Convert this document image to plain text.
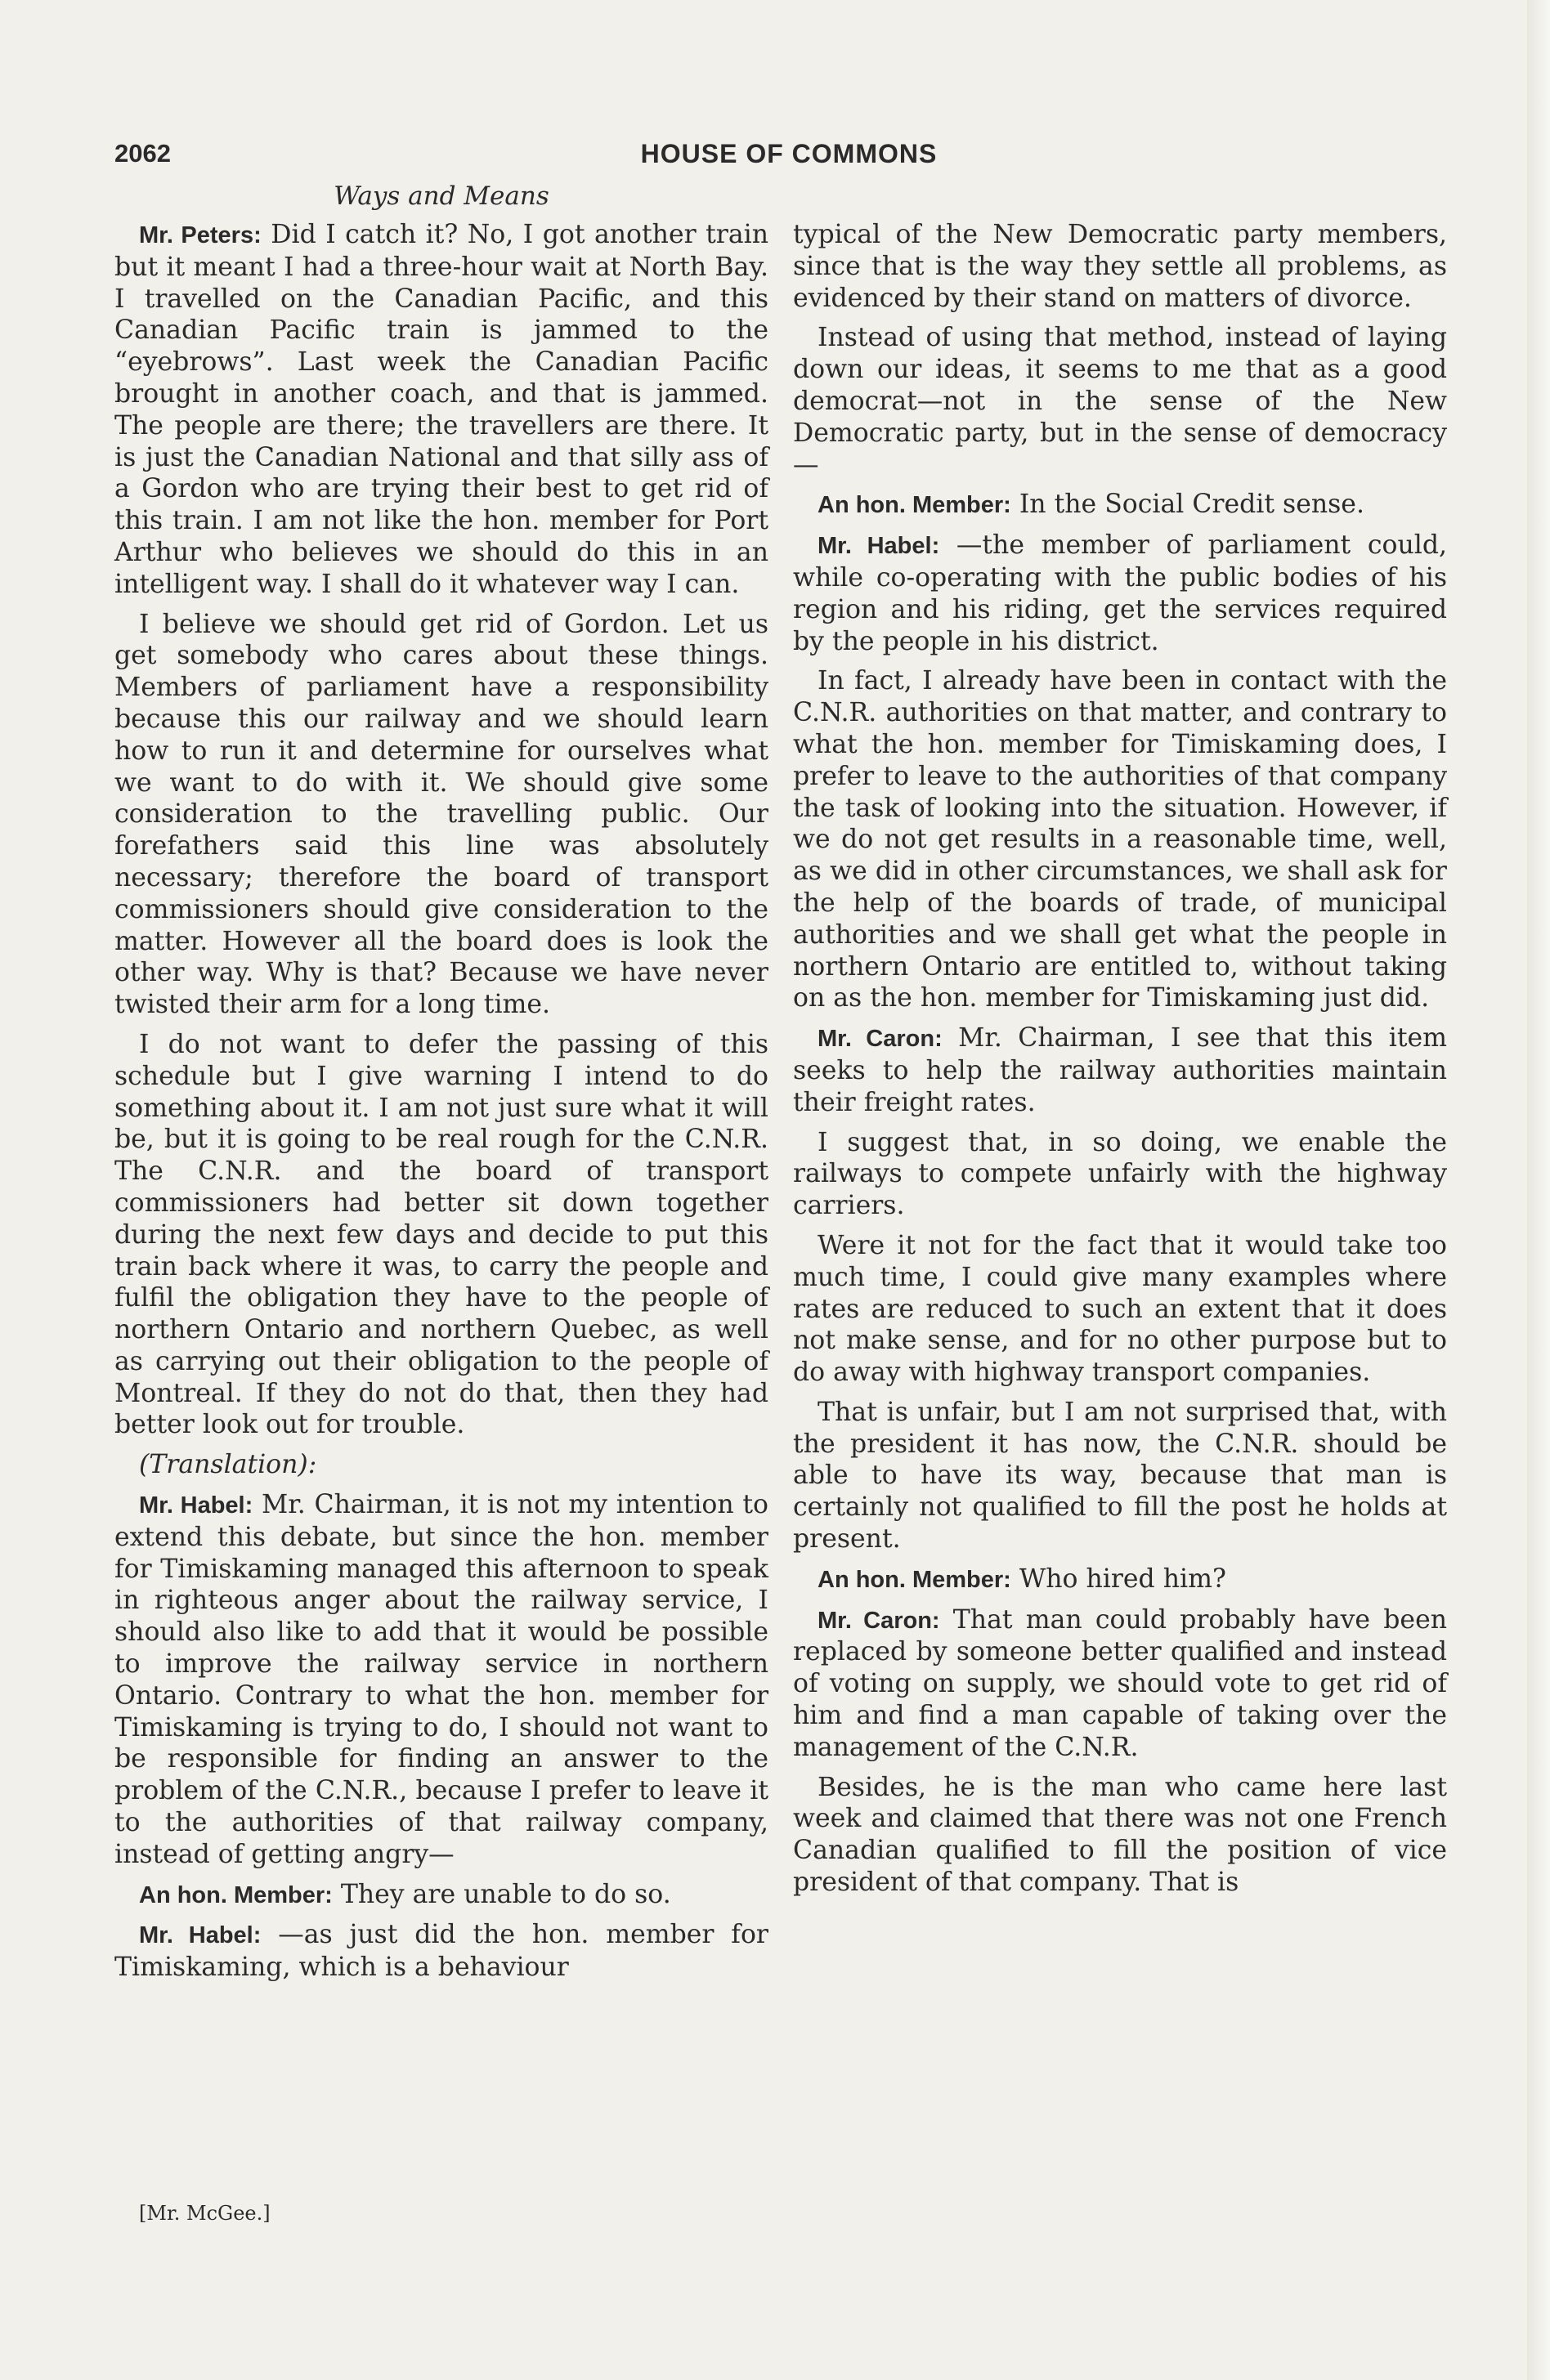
2062	HOUSE OF COMMONS
Ways and Means

Mr. Peters: Did I catch it? No, I got another train but it meant I had a three-hour wait at North Bay. I travelled on the Canadian Pacific, and this Canadian Pacific train is jammed to the “eyebrows”. Last week the Canadian Pacific brought in another coach, and that is jammed. The people are there; the travellers are there. It is just the Canadian National and that silly ass of a Gordon who are trying their best to get rid of this train. I am not like the hon. member for Port Arthur who believes we should do this in an intelligent way. I shall do it whatever way I can.

I believe we should get rid of Gordon. Let us get somebody who cares about these things. Members of parliament have a responsibility because this our railway and we should learn how to run it and determine for ourselves what we want to do with it. We should give some consideration to the travelling public. Our forefathers said this line was absolutely necessary; therefore the board of transport commissioners should give consideration to the matter. However all the board does is look the other way. Why is that? Because we have never twisted their arm for a long time.

I do not want to defer the passing of this schedule but I give warning I intend to do something about it. I am not just sure what it will be, but it is going to be real rough for the C.N.R. The C.N.R. and the board of transport commissioners had better sit down together during the next few days and decide to put this train back where it was, to carry the people and fulfil the obligation they have to the people of northern Ontario and northern Quebec, as well as carrying out their obligation to the people of Montreal. If they do not do that, then they had better look out for trouble.

(Translation):

Mr. Habel: Mr. Chairman, it is not my intention to extend this debate, but since the hon. member for Timiskaming managed this afternoon to speak in righteous anger about the railway service, I should also like to add that it would be possible to improve the railway service in northern Ontario. Contrary to what the hon. member for Timiskaming is trying to do, I should not want to be responsible for finding an answer to the problem of the C.N.R., because I prefer to leave it to the authorities of that railway company, instead of getting angry—

An hon. Member: They are unable to do so.

Mr. Habel: —as just did the hon. member for Timiskaming, which is a behaviour

typical of the New Democratic party members, since that is the way they settle all problems, as evidenced by their stand on matters of divorce.

Instead of using that method, instead of laying down our ideas, it seems to me that as a good democrat—not in the sense of the New Democratic party, but in the sense of democracy—

An hon. Member: In the Social Credit sense.

Mr. Habel: —the member of parliament could, while co-operating with the public bodies of his region and his riding, get the services required by the people in his district.

In fact, I already have been in contact with the C.N.R. authorities on that matter, and contrary to what the hon. member for Timiskaming does, I prefer to leave to the authorities of that company the task of looking into the situation. However, if we do not get results in a reasonable time, well, as we did in other circumstances, we shall ask for the help of the boards of trade, of municipal authorities and we shall get what the people in northern Ontario are entitled to, without taking on as the hon. member for Timiskaming just did.

Mr. Caron: Mr. Chairman, I see that this item seeks to help the railway authorities maintain their freight rates.

I suggest that, in so doing, we enable the railways to compete unfairly with the highway carriers.

Were it not for the fact that it would take too much time, I could give many examples where rates are reduced to such an extent that it does not make sense, and for no other purpose but to do away with highway transport companies.

That is unfair, but I am not surprised that, with the president it has now, the C.N.R. should be able to have its way, because that man is certainly not qualified to fill the post he holds at present.

An hon. Member: Who hired him?

Mr. Caron: That man could probably have been replaced by someone better qualified and instead of voting on supply, we should vote to get rid of him and find a man capable of taking over the management of the C.N.R.

Besides, he is the man who came here last week and claimed that there was not one French Canadian qualified to fill the position of vice president of that company. That is

[Mr. McGee.]
